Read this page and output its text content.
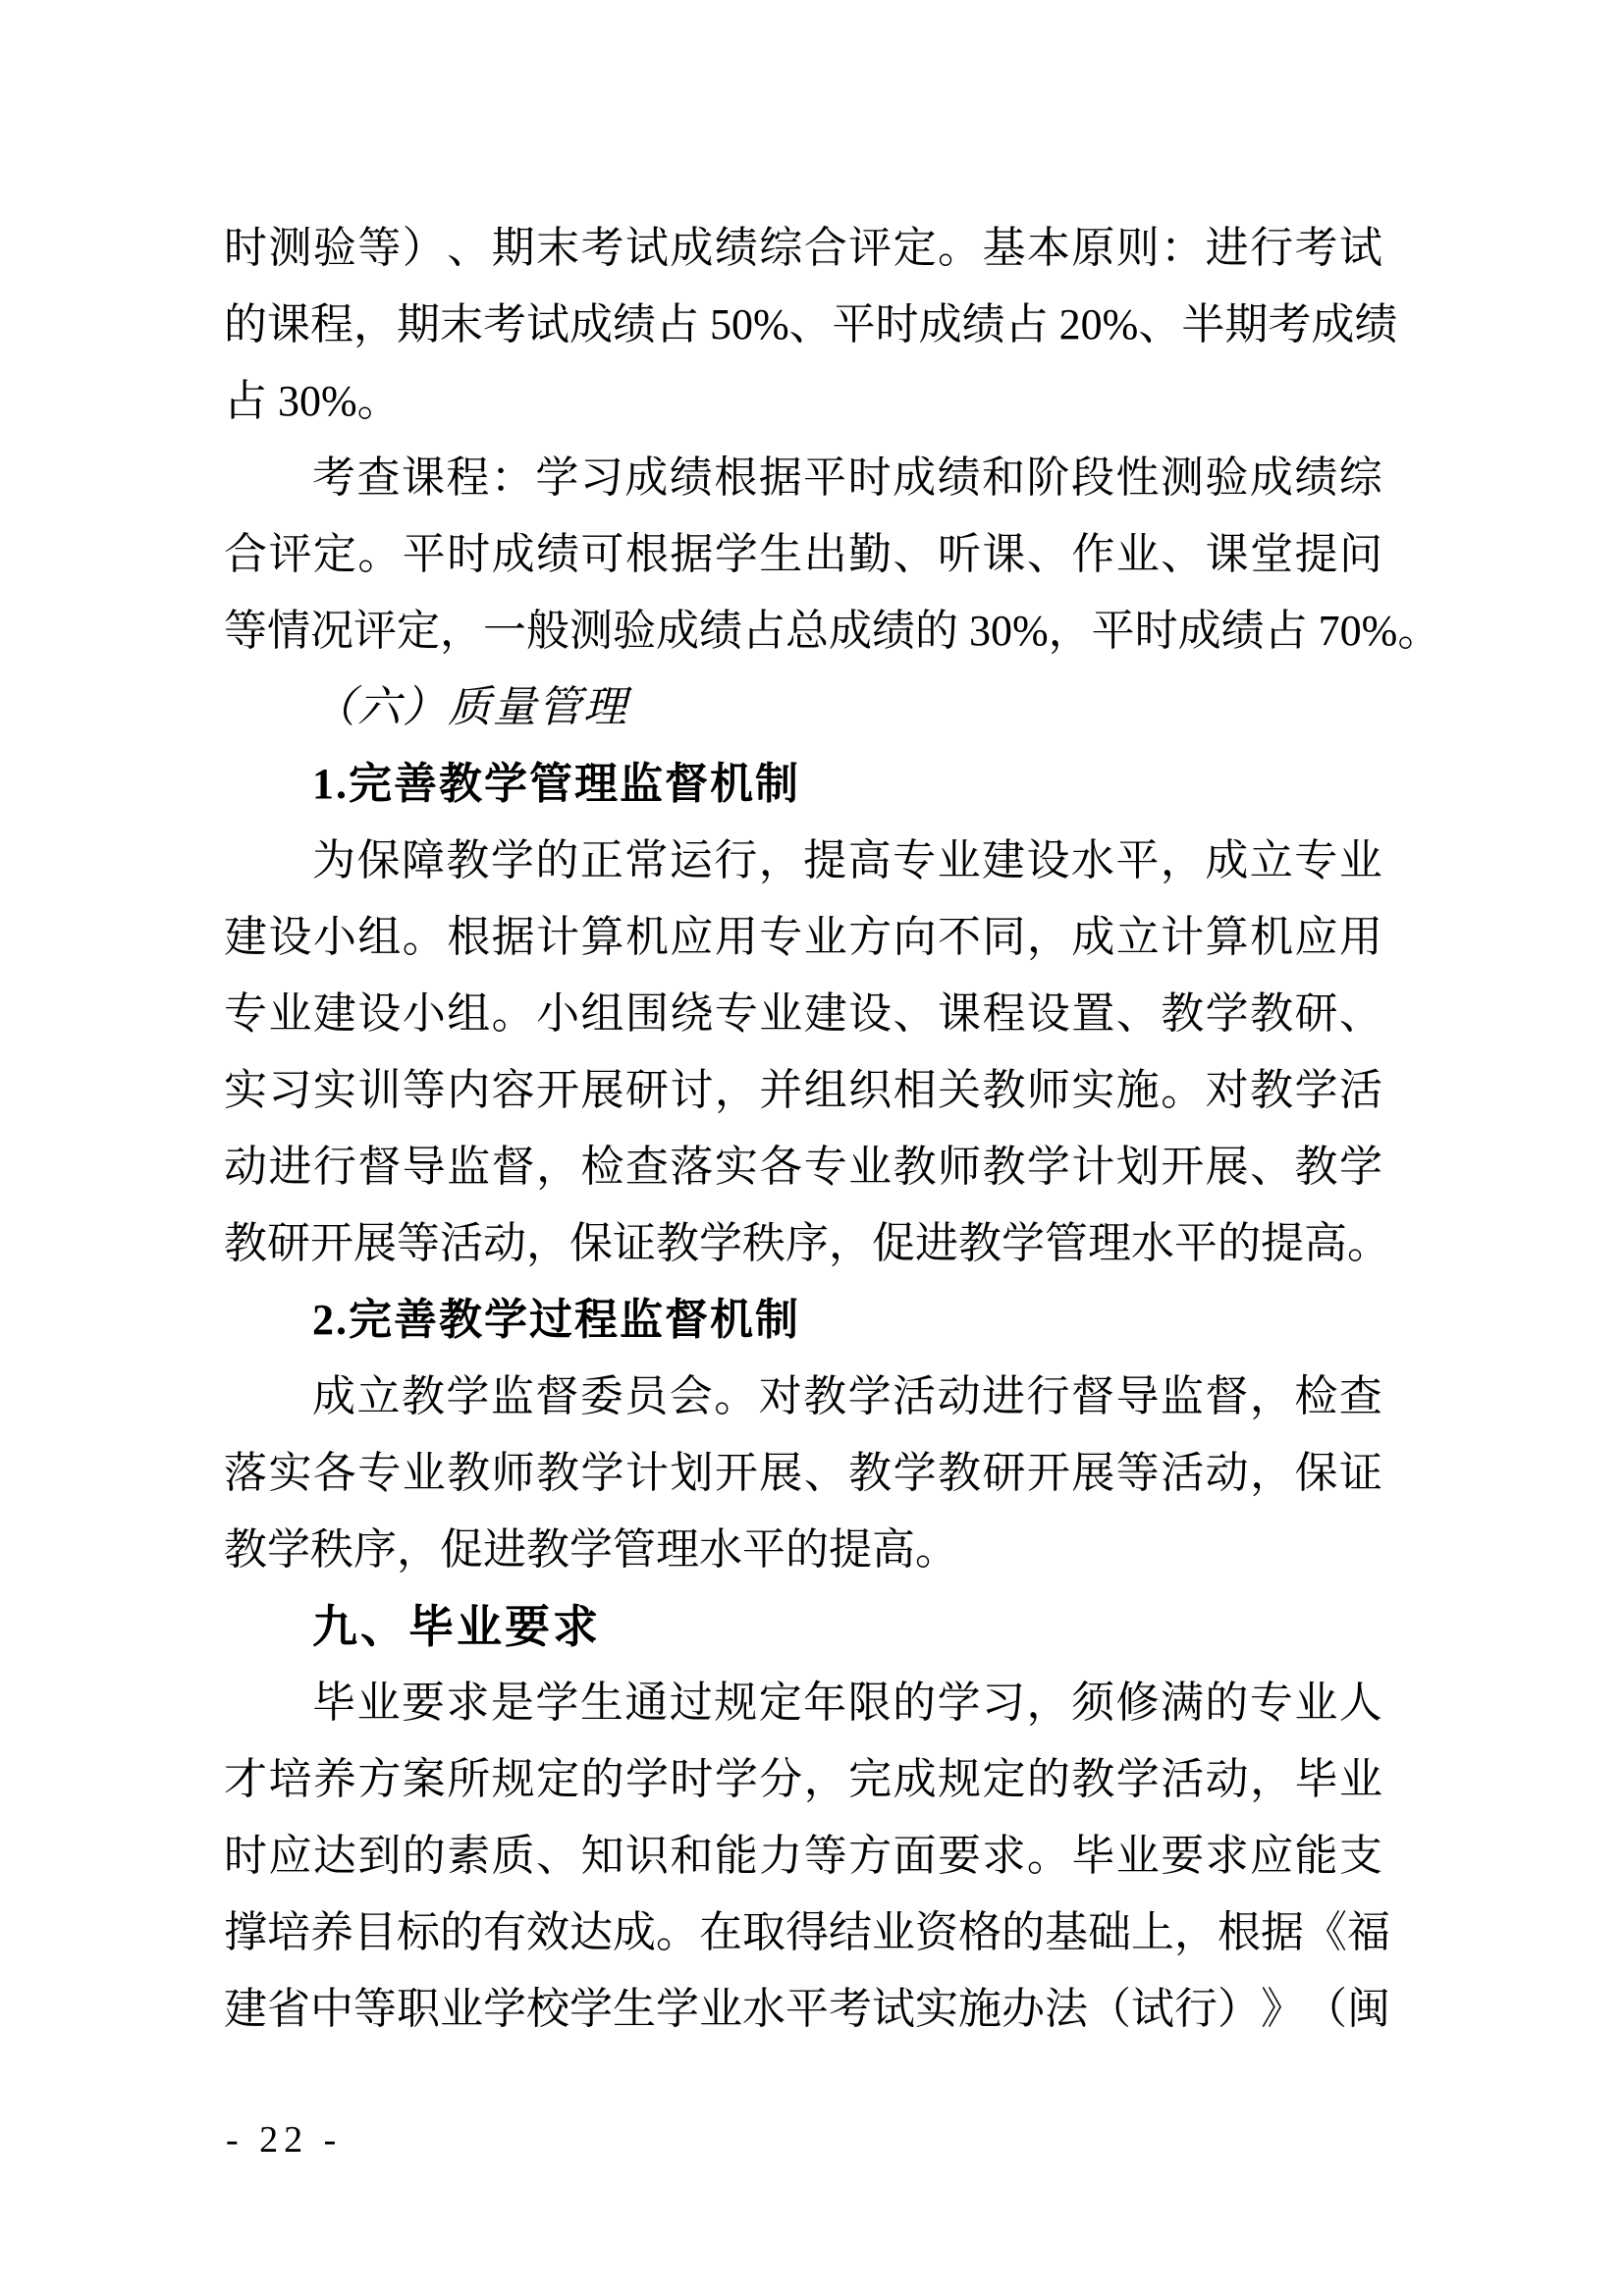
时 测 验 等 ） 、 期 末 考 试 成 绩 综 合 评 定 。 基 本 原 则 ： 进 行 考 试
的 课 程 ， 期 末 考 试 成 绩 占 50% 、 平 时 成 绩 占 20% 、 半 期 考 成 绩
占 30%。
考 查 课 程 ： 学 习 成 绩 根 据 平 时 成 绩 和 阶 段 性 测 验 成 绩 综
合 评 定 。 平 时 成 绩 可 根 据 学 生 出 勤 、 听 课 、 作 业 、 课 堂 提 问
等 情 况 评 定 ， 一 般 测 验 成 绩 占 总 成 绩 的 30% ， 平 时 成 绩 占 70% 。
（六）质量管理
1.完善教学管理监督机制
为 保 障 教 学 的 正 常 运 行 ， 提 高 专 业 建 设 水 平 ， 成 立 专 业
建 设 小 组 。 根 据 计 算 机 应 用 专 业 方 向 不 同 ， 成 立 计 算 机 应 用
专 业 建 设 小 组 。 小 组 围 绕 专 业 建 设 、 课 程 设 置 、 教 学 教 研 、
实 习 实 训 等 内 容 开 展 研 讨 ， 并 组 织 相 关 教 师 实 施 。 对 教 学 活
动 进 行 督 导 监 督 ， 检 查 落 实 各 专 业 教 师 教 学 计 划 开 展 、 教 学
教 研 开 展 等 活 动 ， 保 证 教 学 秩 序 ， 促 进 教 学 管 理 水 平 的 提 高 。
2.完善教学过程监督机制
成 立 教 学 监 督 委 员 会 。 对 教 学 活 动 进 行 督 导 监 督 ， 检 查
落 实 各 专 业 教 师 教 学 计 划 开 展 、 教 学 教 研 开 展 等 活 动 ， 保 证
教学秩序，促进教学管理水平的提高。
九、毕业要求
毕 业 要 求 是 学 生 通 过 规 定 年 限 的 学 习 ， 须 修 满 的 专 业 人
才 培 养 方 案 所 规 定 的 学 时 学 分 ， 完 成 规 定 的 教 学 活 动 ， 毕 业
时 应 达 到 的 素 质 、 知 识 和 能 力 等 方 面 要 求 。 毕 业 要 求 应 能 支
撑 培 养 目 标 的 有 效 达 成 。 在 取 得 结 业 资 格 的 基 础 上 ， 根 据 《 福
建 省 中 等 职 业 学 校 学 生 学 业 水 平 考 试 实 施 办 法 （ 试 行 ） 》 （ 闽
- 22 -
